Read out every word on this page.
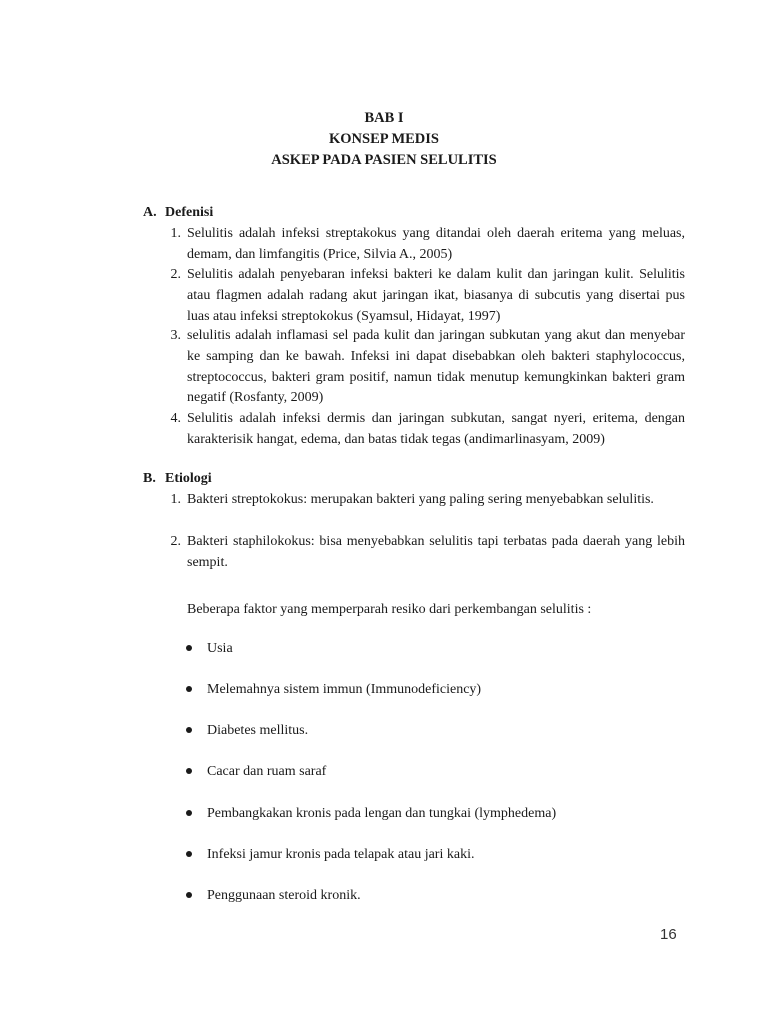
BAB I
KONSEP MEDIS
ASKEP PADA PASIEN SELULITIS
A. Defenisi
1. Selulitis adalah infeksi streptakokus yang ditandai oleh daerah eritema yang meluas, demam, dan limfangitis (Price, Silvia A., 2005)
2. Selulitis adalah penyebaran infeksi bakteri ke dalam kulit dan jaringan kulit. Selulitis atau flagmen adalah radang akut jaringan ikat, biasanya di subcutis yang disertai pus luas atau infeksi streptokokus (Syamsul, Hidayat, 1997)
3. selulitis adalah inflamasi sel pada kulit dan jaringan subkutan yang akut dan menyebar ke samping dan ke bawah. Infeksi ini dapat disebabkan oleh bakteri staphylococcus, streptococcus, bakteri gram positif, namun tidak menutup kemungkinkan bakteri gram negatif (Rosfanty, 2009)
4. Selulitis adalah infeksi dermis dan jaringan subkutan, sangat nyeri, eritema, dengan karakterisik hangat, edema, dan batas tidak tegas (andimarlinasyam, 2009)
B. Etiologi
1. Bakteri streptokokus: merupakan bakteri yang paling sering menyebabkan selulitis.
2. Bakteri staphilokokus: bisa menyebabkan selulitis tapi terbatas pada daerah yang lebih sempit.
Beberapa faktor yang memperparah resiko dari perkembangan selulitis :
Usia
Melemahnya sistem immun (Immunodeficiency)
Diabetes mellitus.
Cacar dan ruam saraf
Pembangkakan kronis pada lengan dan tungkai (lymphedema)
Infeksi jamur kronis pada telapak atau jari kaki.
Penggunaan steroid kronik.
16
